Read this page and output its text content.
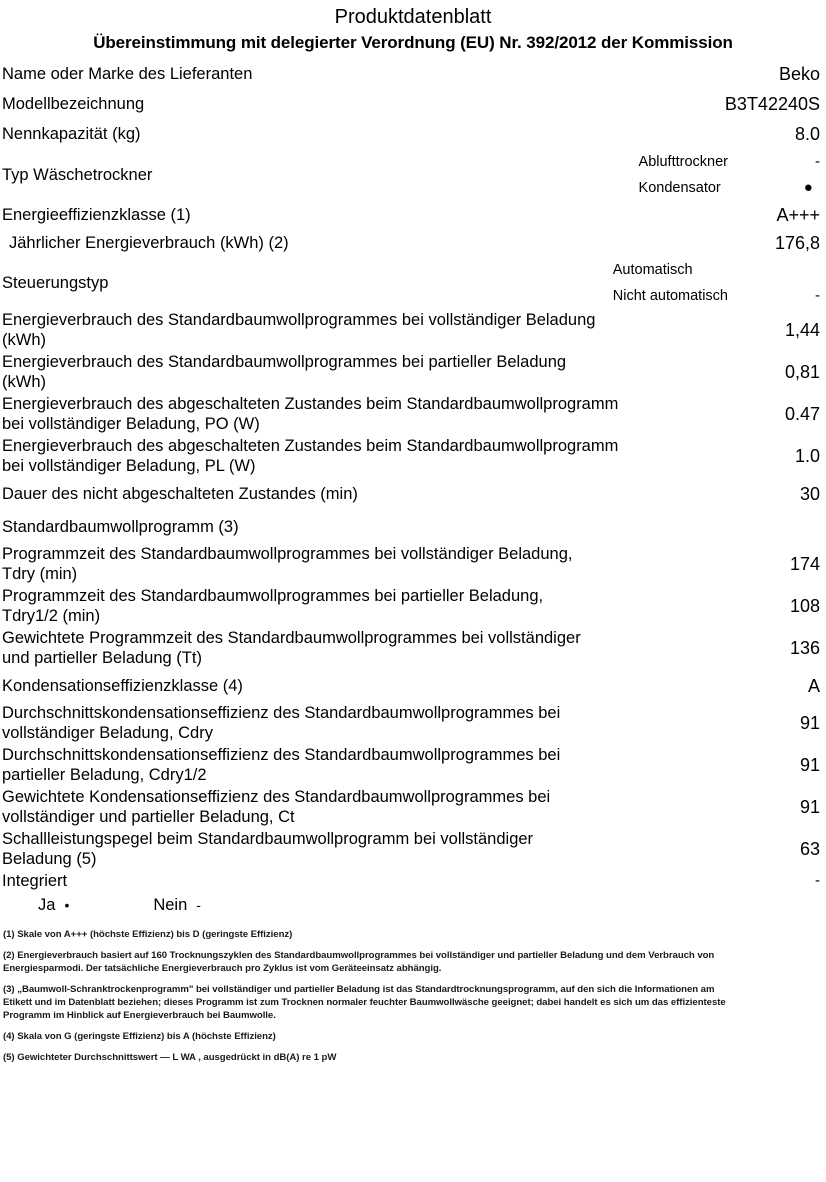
Produktdatenblatt
Übereinstimmung mit delegierter Verordnung (EU) Nr. 392/2012 der Kommission
Name oder Marke des Lieferanten	Beko
Modellbezeichnung	B3T42240S
Nennkapazität (kg)	8.0
Typ Wäschetrockner
Ablufttrockner	-
Kondensator	●
Energieeffizienzklasse (1)	A+++
Jährlicher Energieverbrauch (kWh) (2)	176,8
Steuerungstyp
Automatisch
Nicht automatisch	-
Energieverbrauch des Standardbaumwollprogrammes bei vollständiger Beladung
(kWh)	1,44
Energieverbrauch des Standardbaumwollprogrammes bei partieller Beladung
(kWh)	0,81
Energieverbrauch des abgeschalteten Zustandes beim Standardbaumwollprogramm
bei vollständiger Beladung, PO (W)	0.47
Energieverbrauch des abgeschalteten Zustandes beim Standardbaumwollprogramm
bei vollständiger Beladung, PL (W)	1.0
Dauer des nicht abgeschalteten Zustandes (min)	30
Standardbaumwollprogramm (3)
Programmzeit des Standardbaumwollprogrammes bei vollständiger Beladung,
Tdry (min)	174
Programmzeit des Standardbaumwollprogrammes bei partieller Beladung,
Tdry1/2 (min)	108
Gewichtete Programmzeit des Standardbaumwollprogrammes bei vollständiger
und partieller Beladung (Tt)	136
Kondensationseffizienzklasse (4)	A
Durchschnittskondensationseffizienz des Standardbaumwollprogrammes bei
vollständiger Beladung, Cdry	91
Durchschnittskondensationseffizienz des Standardbaumwollprogrammes bei
partieller Beladung, Cdry1/2	91
Gewichtete Kondensationseffizienz des Standardbaumwollprogrammes bei
vollständiger und partieller Beladung, Ct	91
Schallleistungspegel beim Standardbaumwollprogramm bei vollständiger
Beladung (5)	63
Integriert	-
Ja •	Nein -
(1) Skale von A+++ (höchste Effizienz) bis D (geringste Effizienz)
(2) Energieverbrauch basiert auf 160 Trocknungszyklen des Standardbaumwollprogrammes bei vollständiger und partieller Beladung und dem Verbrauch von Energiesparmodi. Der tatsächliche Energieverbrauch pro Zyklus ist vom Geräteeinsatz abhängig.
(3) „Baumwoll-Schranktrockenprogramm" bei vollständiger und partieller Beladung ist das Standardtrocknungsprogramm, auf den sich die Informationen am Etikett und im Datenblatt beziehen; dieses Programm ist zum Trocknen normaler feuchter Baumwollwäsche geeignet; dabei handelt es sich um das effizienteste Programm im Hinblick auf Energieverbrauch bei Baumwolle.
(4) Skala von G (geringste Effizienz) bis A (höchste Effizienz)
(5) Gewichteter Durchschnittswert — L WA , ausgedrückt in dB(A) re 1 pW
